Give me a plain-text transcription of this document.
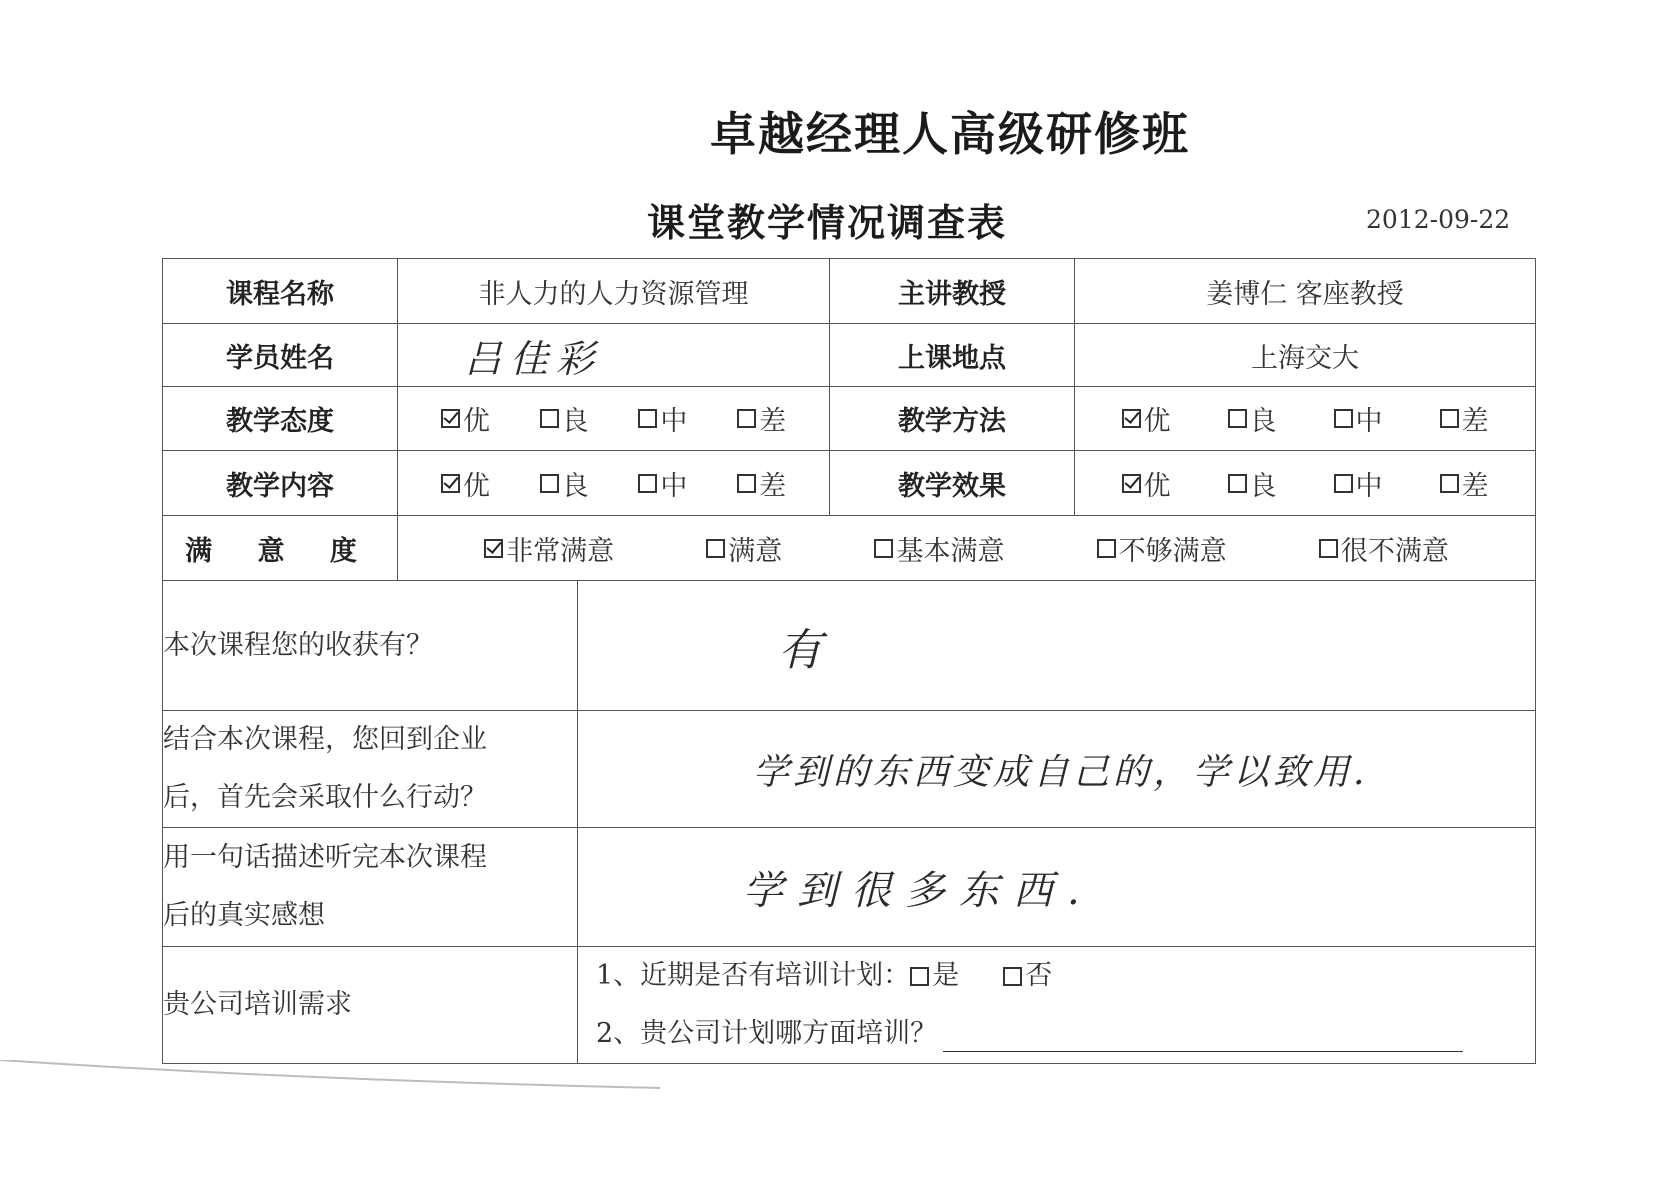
卓越经理人高级研修班
课堂教学情况调查表	2012-09-22
课程名称	非人力的人力资源管理		主讲教授	姜博仁 客座教授
学员姓名	吕佳彩		上课地点	上海交大
教学态度	优 良 中 差		教学方法	优 良 中 差

教学内容	优 良 中 差		教学效果	优 良 中 差

满 意 度	非常满意 满意 基本满意 不够满意 很不满意			

本次课程您的收获有？		有		

结合本次课程，您回到企业
后，首先会采取什么行动？		学到的东西变成自己的，学以致用.		

用一句话描述听完本次课程
后的真实感想		学到很多东西.		
贵公司培训需求		1、近期是否有培训计划： 是 否
2、贵公司计划哪方面培训？		
